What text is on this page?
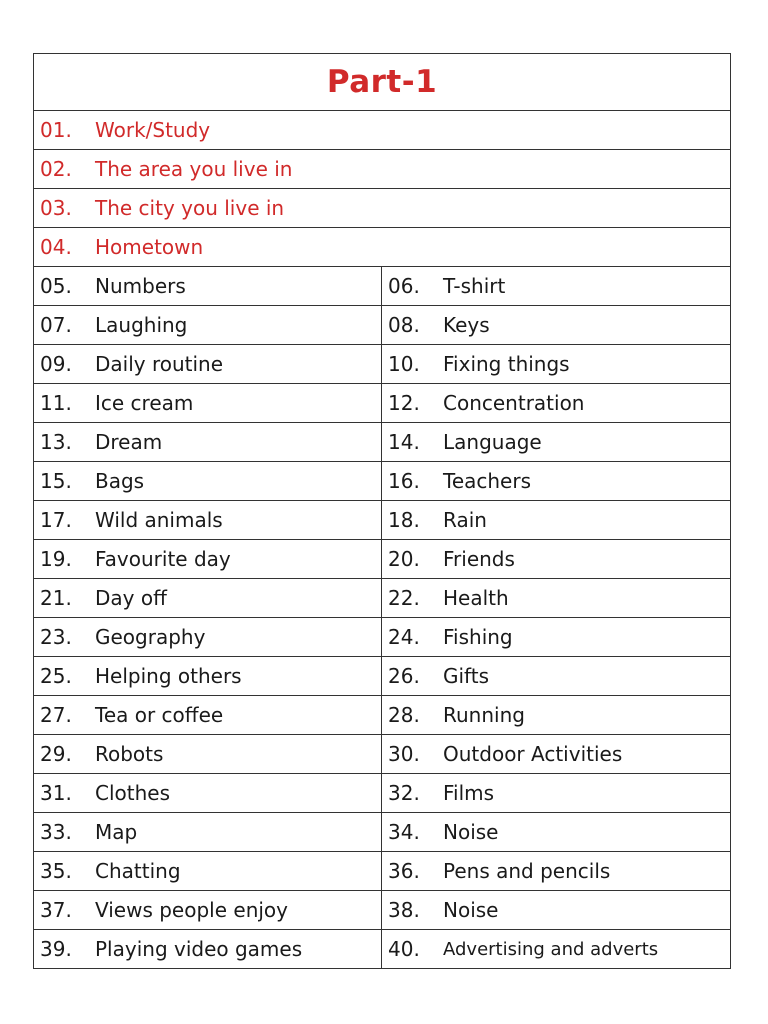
Part-1
01.	Work/Study
02.	The area you live in
03.	The city you live in
04.	Hometown
05.	Numbers	06.	T-shirt
07.	Laughing	08.	Keys
09.	Daily routine	10.	Fixing things
11.	Ice cream	12.	Concentration
13.	Dream	14.	Language
15.	Bags	16.	Teachers
17.	Wild animals	18.	Rain
19.	Favourite day	20.	Friends
21.	Day off	22.	Health
23.	Geography	24.	Fishing
25.	Helping others	26.	Gifts
27.	Tea or coffee	28.	Running
29.	Robots	30.	Outdoor Activities
31.	Clothes	32.	Films
33.	Map	34.	Noise
35.	Chatting	36.	Pens and pencils
37.	Views people enjoy	38.	Noise
39.	Playing video games	40.	Advertising and adverts
